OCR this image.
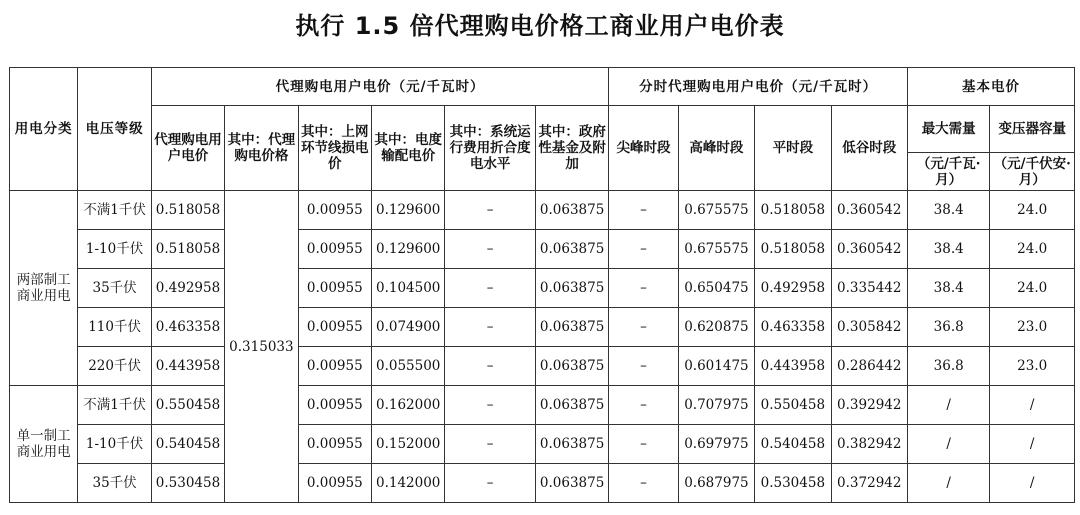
执行 1.5 倍代理购电价格工商业用户电价表
用电分类	电压等级	代理购电用户电价（元/千瓦时）						分时代理购电用户电价（元/千瓦时）				基本电价	
		代理购电用户电价	其中：代理购电价格	其中：上网环节线损电价	其中：电度输配电价	其中：系统运行费用折合度电水平	其中：政府性基金及附加	尖峰时段	高峰时段	平时段	低谷时段	最大需量	变压器容量
												（元/千瓦·月）	（元/千伏安·月）
两部制工商业用电	不满1千伏	0.518058	0.315033	0.00955	0.129600	–	0.063875	–	0.675575	0.518058	0.360542	38.4	24.0
	1-10千伏	0.518058		0.00955	0.129600	–	0.063875	–	0.675575	0.518058	0.360542	38.4	24.0
	35千伏	0.492958		0.00955	0.104500	–	0.063875	–	0.650475	0.492958	0.335442	38.4	24.0
	110千伏	0.463358		0.00955	0.074900	–	0.063875	–	0.620875	0.463358	0.305842	36.8	23.0
	220千伏	0.443958		0.00955	0.055500	–	0.063875	–	0.601475	0.443958	0.286442	36.8	23.0
单一制工商业用电	不满1千伏	0.550458		0.00955	0.162000	–	0.063875	–	0.707975	0.550458	0.392942	/	/
	1-10千伏	0.540458		0.00955	0.152000	–	0.063875	–	0.697975	0.540458	0.382942	/	/
	35千伏	0.530458		0.00955	0.142000	–	0.063875	–	0.687975	0.530458	0.372942	/	/
